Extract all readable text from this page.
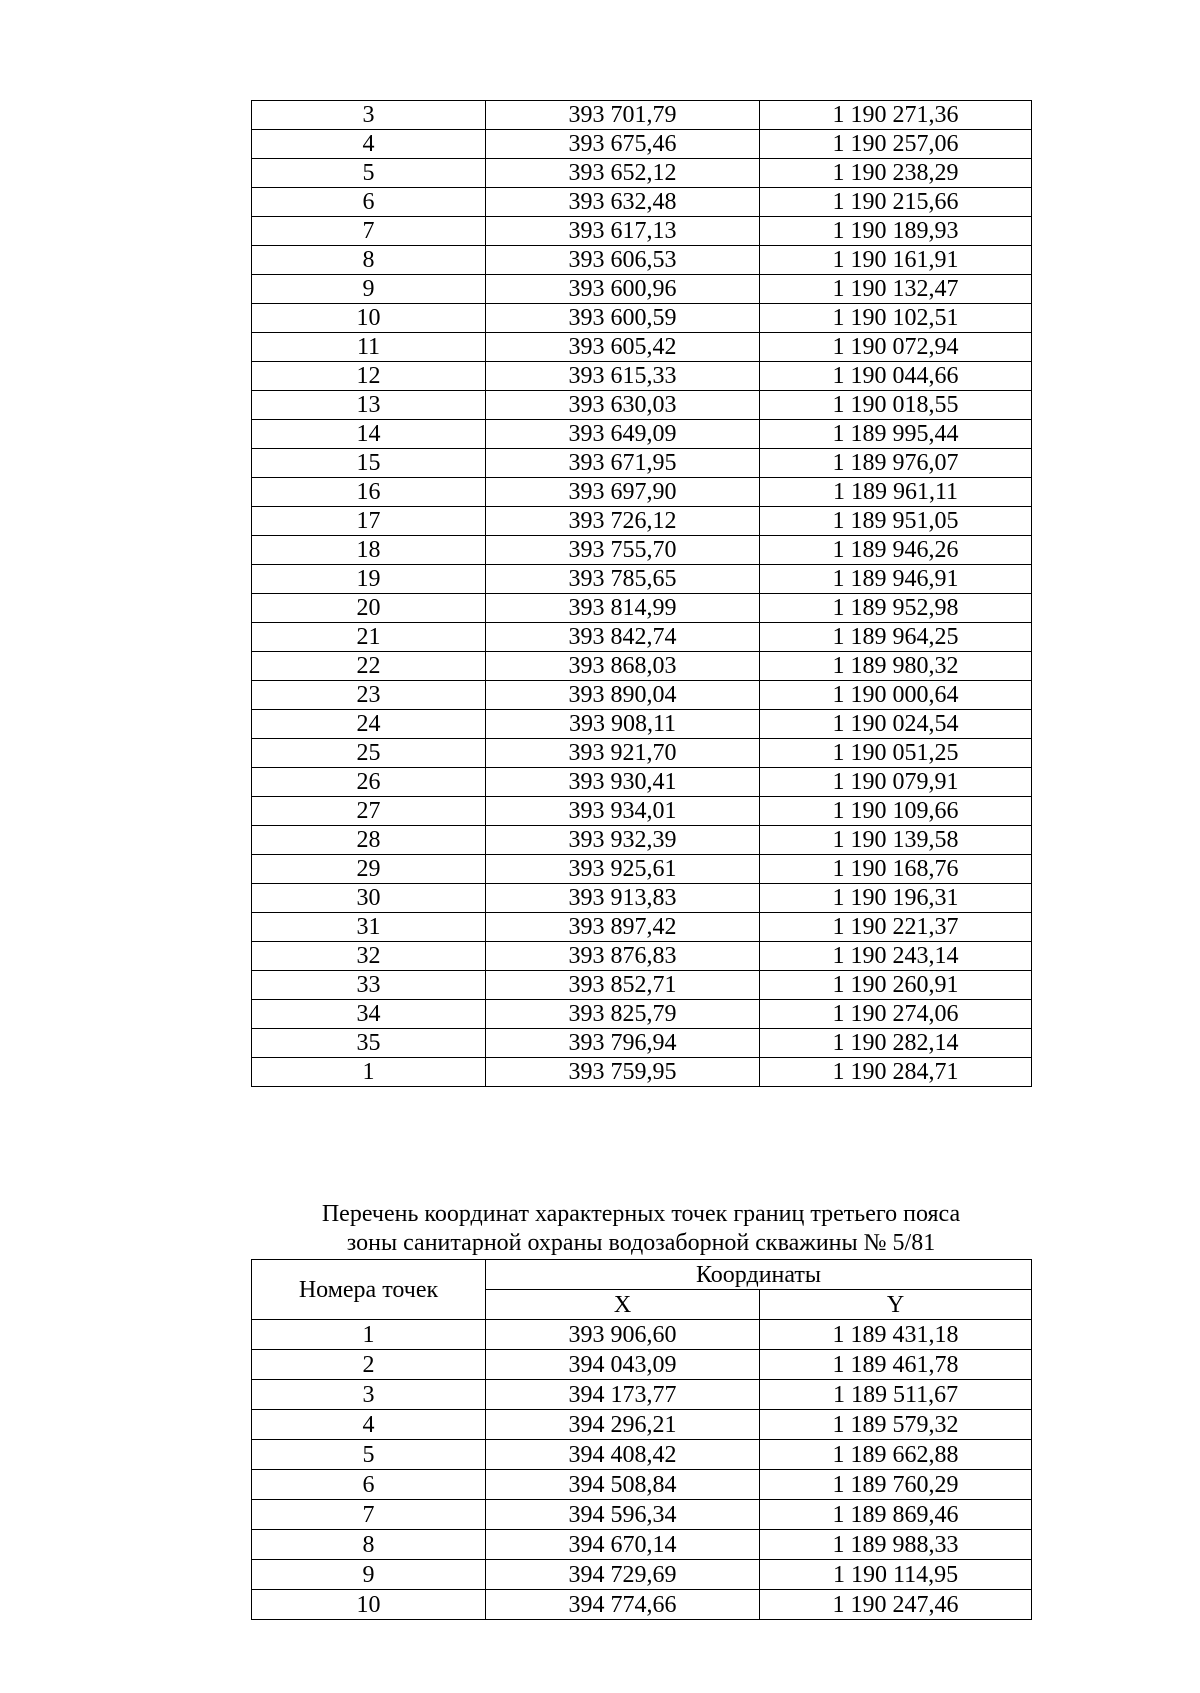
3	393 701,79	1 190 271,36
4	393 675,46	1 190 257,06
5	393 652,12	1 190 238,29
6	393 632,48	1 190 215,66
7	393 617,13	1 190 189,93
8	393 606,53	1 190 161,91
9	393 600,96	1 190 132,47
10	393 600,59	1 190 102,51
11	393 605,42	1 190 072,94
12	393 615,33	1 190 044,66
13	393 630,03	1 190 018,55
14	393 649,09	1 189 995,44
15	393 671,95	1 189 976,07
16	393 697,90	1 189 961,11
17	393 726,12	1 189 951,05
18	393 755,70	1 189 946,26
19	393 785,65	1 189 946,91
20	393 814,99	1 189 952,98
21	393 842,74	1 189 964,25
22	393 868,03	1 189 980,32
23	393 890,04	1 190 000,64
24	393 908,11	1 190 024,54
25	393 921,70	1 190 051,25
26	393 930,41	1 190 079,91
27	393 934,01	1 190 109,66
28	393 932,39	1 190 139,58
29	393 925,61	1 190 168,76
30	393 913,83	1 190 196,31
31	393 897,42	1 190 221,37
32	393 876,83	1 190 243,14
33	393 852,71	1 190 260,91
34	393 825,79	1 190 274,06
35	393 796,94	1 190 282,14
1	393 759,95	1 190 284,71
Перечень координат характерных точек границ третьего пояса
зоны санитарной охраны водозаборной скважины № 5/81
Номера точек	Координаты	
	X	Y
1	393 906,60	1 189 431,18
2	394 043,09	1 189 461,78
3	394 173,77	1 189 511,67
4	394 296,21	1 189 579,32
5	394 408,42	1 189 662,88
6	394 508,84	1 189 760,29
7	394 596,34	1 189 869,46
8	394 670,14	1 189 988,33
9	394 729,69	1 190 114,95
10	394 774,66	1 190 247,46
